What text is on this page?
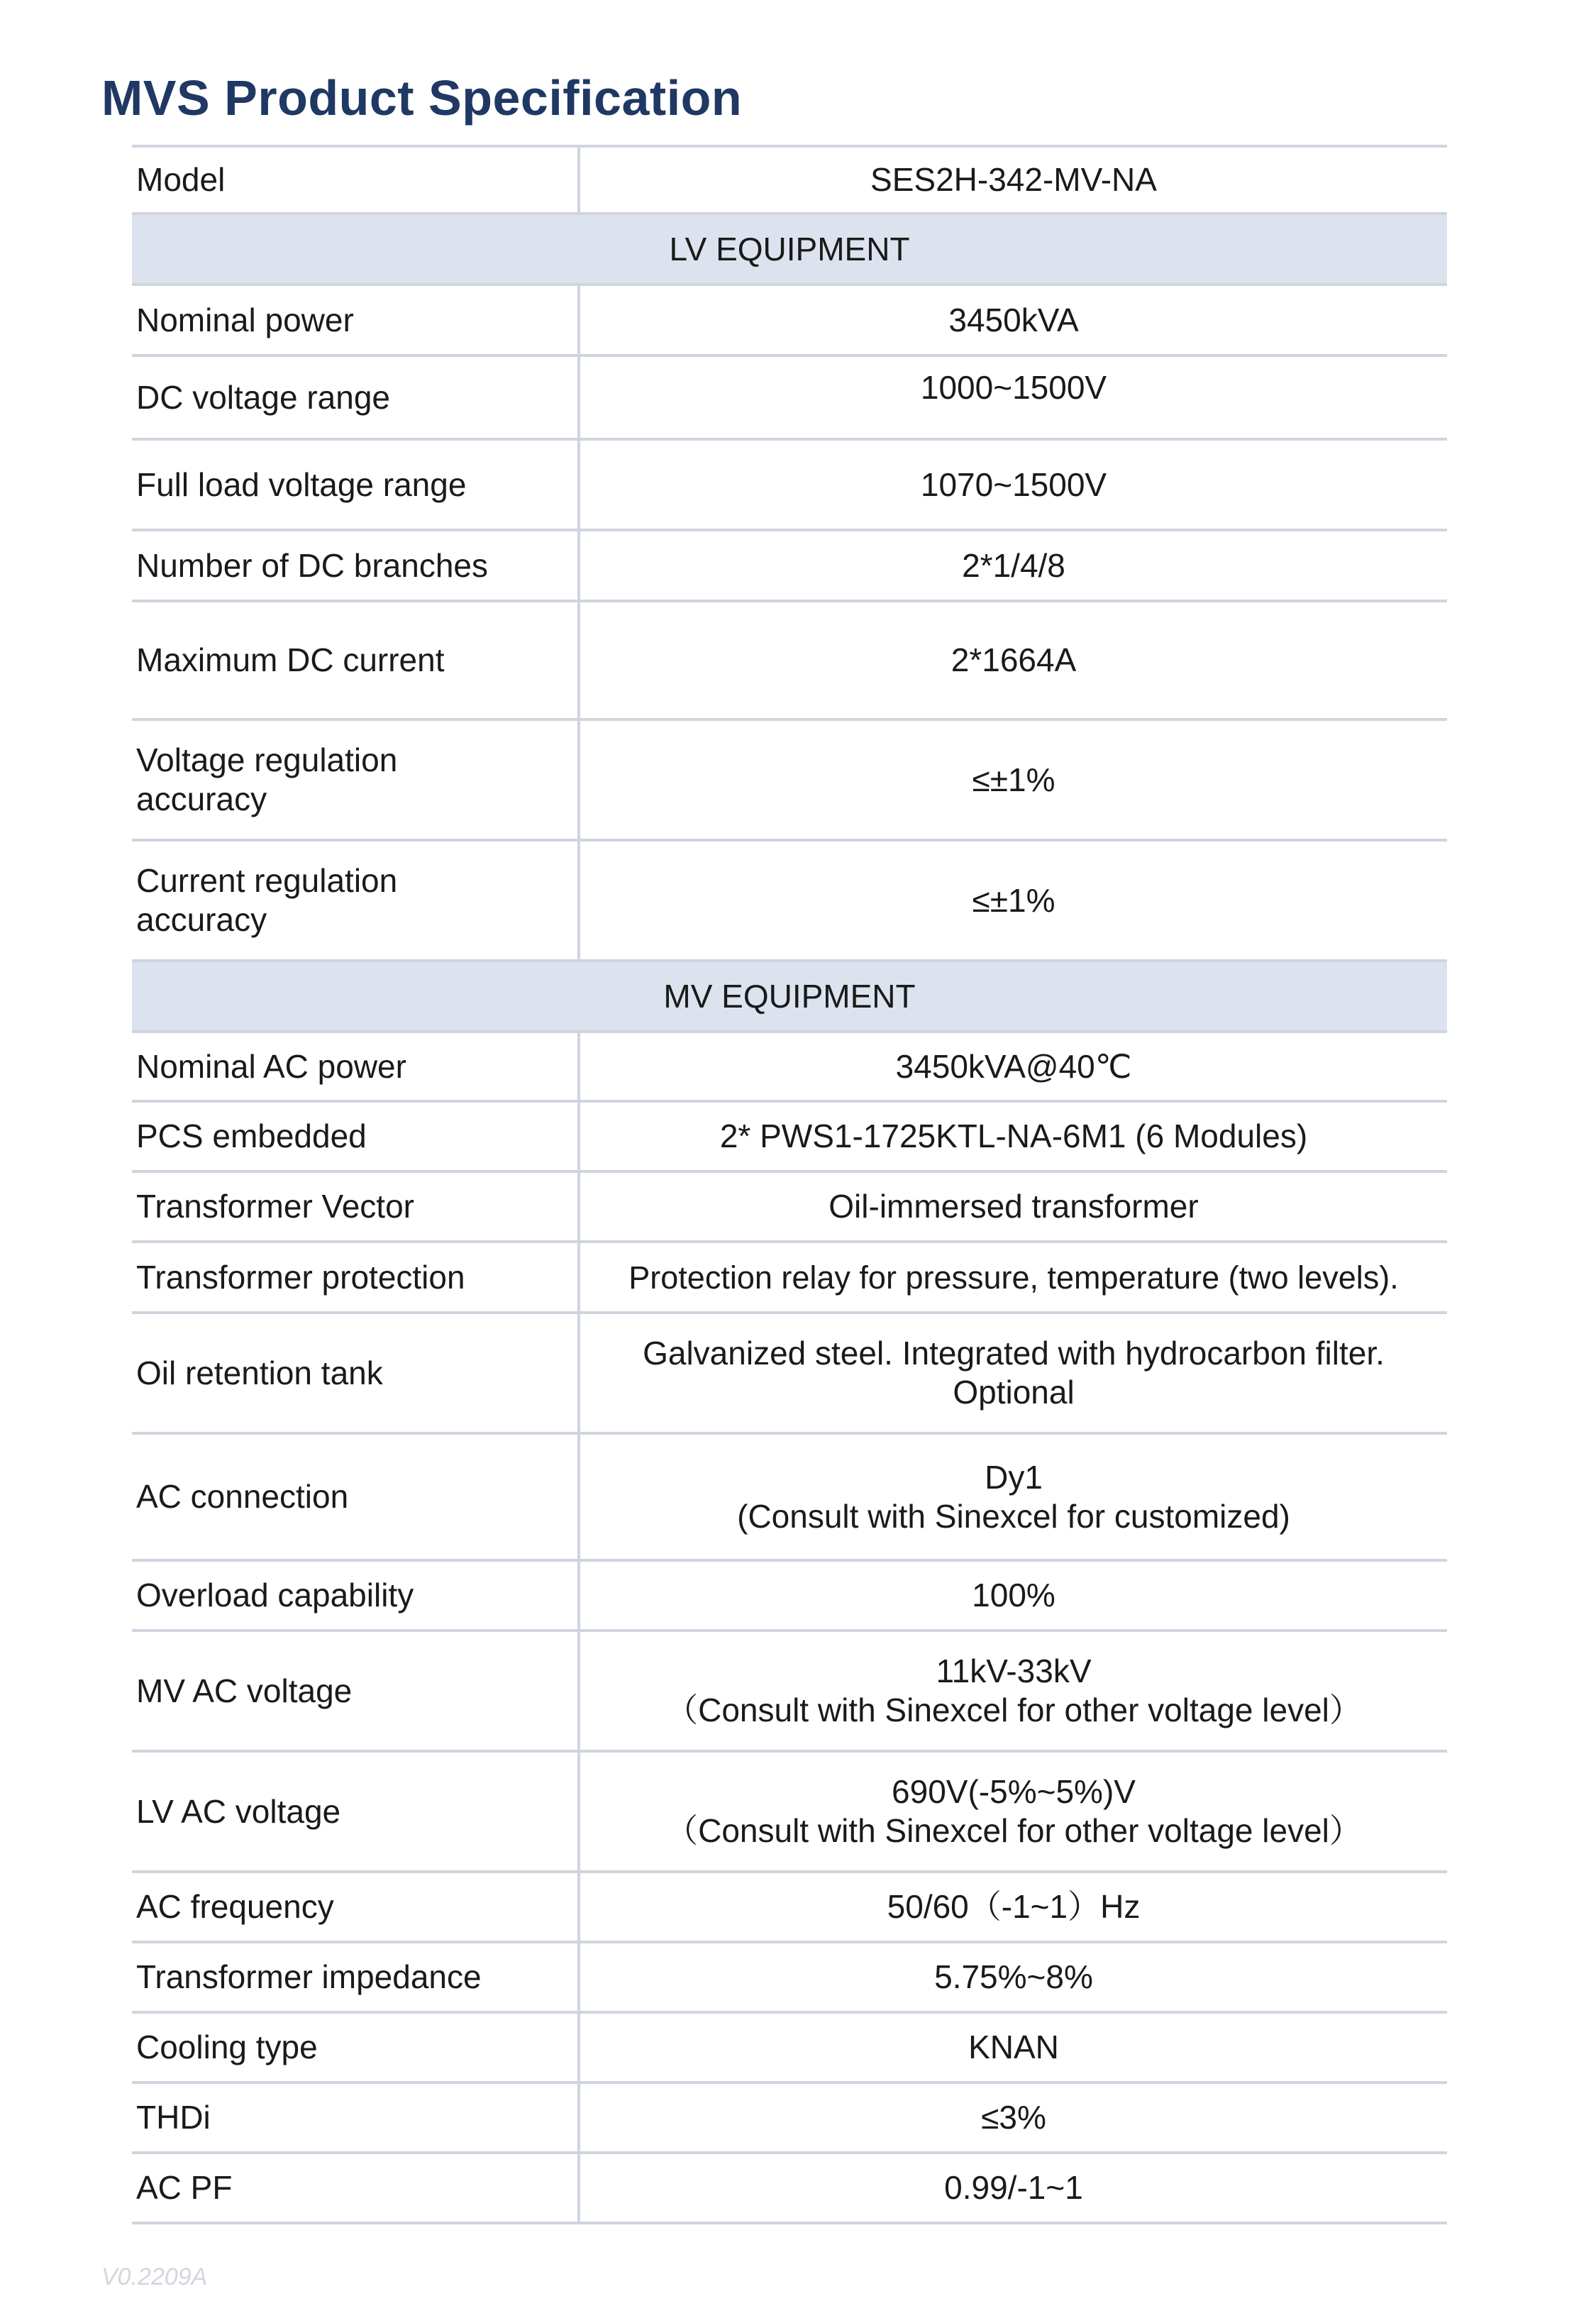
MVS Product Specification
Model	SES2H-342-MV-NA
LV EQUIPMENT	
Nominal power	3450kVA
DC voltage range	1000~1500V
Full load voltage range	1070~1500V
Number of DC branches	2*1/4/8
Maximum DC current	2*1664A
Voltage regulation
accuracy	≤±1%
Current regulation
accuracy	≤±1%
MV EQUIPMENT	
Nominal AC power	3450kVA@40℃
PCS embedded	2* PWS1-1725KTL-NA-6M1 (6 Modules)
Transformer Vector	Oil-immersed transformer
Transformer protection	Protection relay for pressure, temperature (two levels).
Oil retention tank	Galvanized steel. Integrated with hydrocarbon filter.
Optional
AC connection	Dy1
(Consult with Sinexcel for customized)
Overload capability	100%
MV AC voltage	11kV-33kV
（Consult with Sinexcel for other voltage level）
LV AC voltage	690V(-5%~5%)V
（Consult with Sinexcel for other voltage level）
AC frequency	50/60（-1~1）Hz
Transformer impedance	5.75%~8%
Cooling type	KNAN
THDi	≤3%
AC PF	0.99/-1~1
V0.2209A
